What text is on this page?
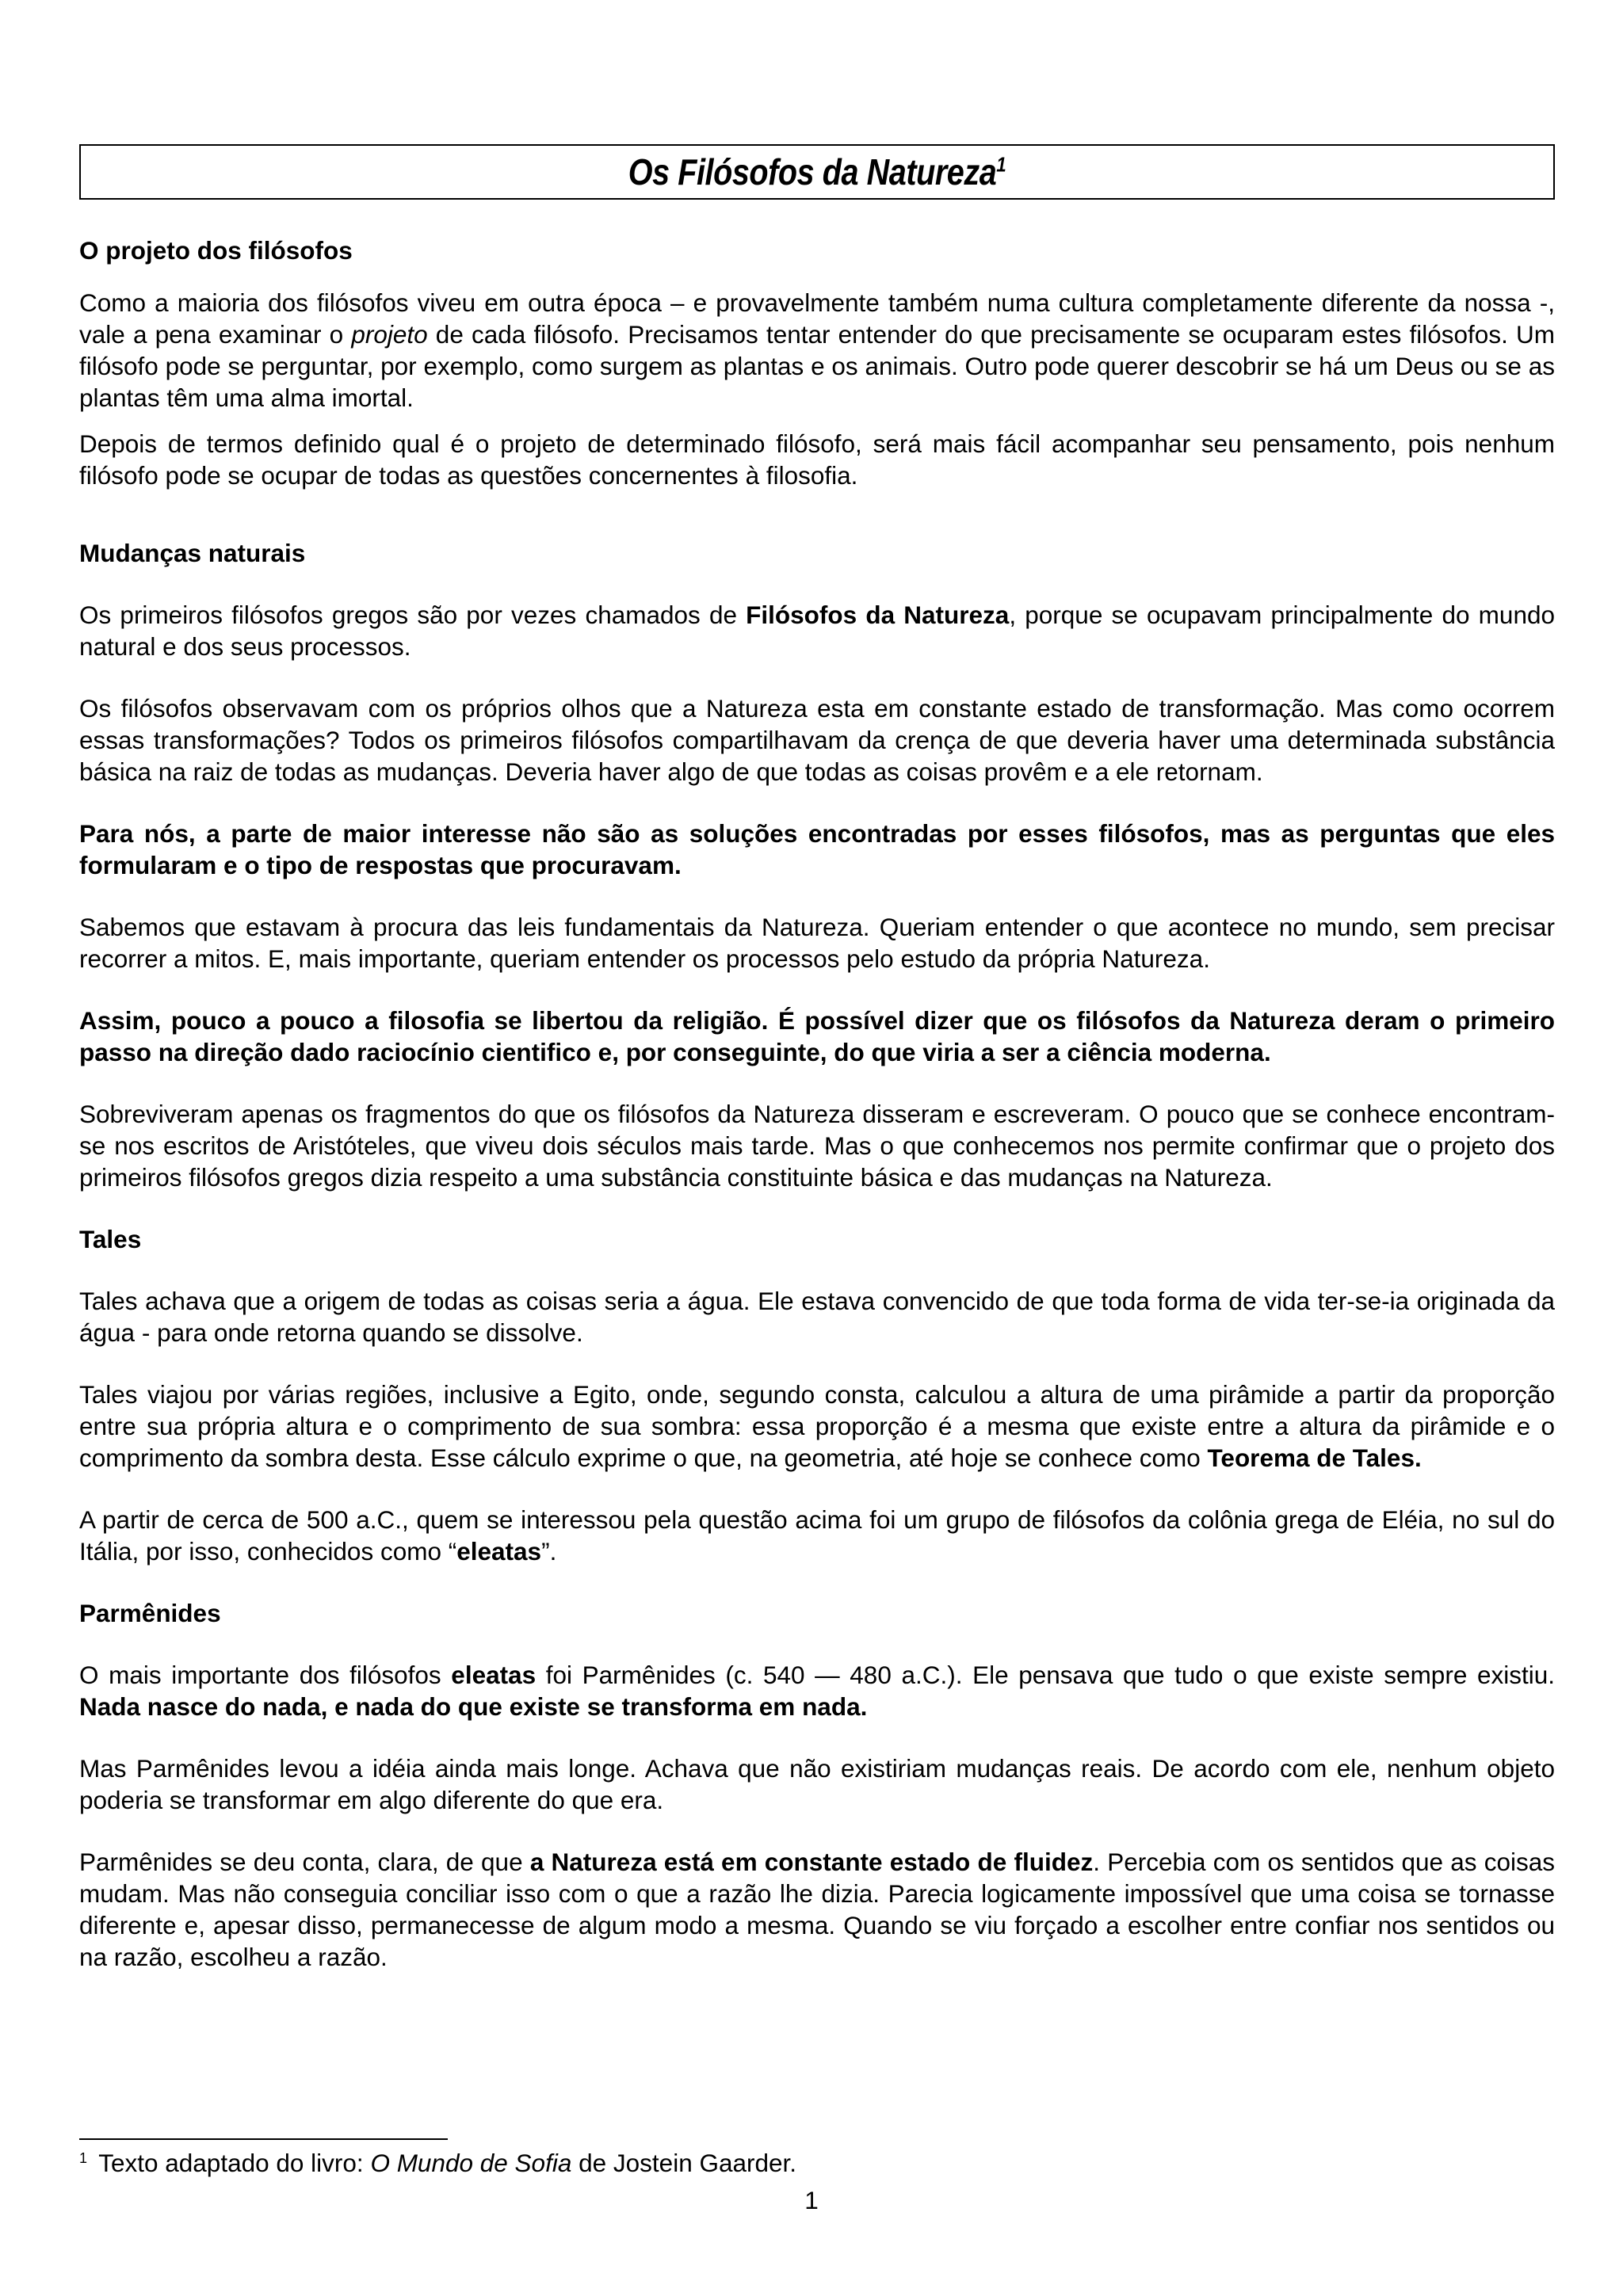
Os Filósofos da Natureza$^1$
O projeto dos filósofos

Como a maioria dos filósofos viveu em outra época – e provavelmente também numa cultura completamente diferente da nossa -, vale a pena examinar o projeto de cada filósofo. Precisamos tentar entender do que precisamente se ocuparam estes filósofos. Um filósofo pode se perguntar, por exemplo, como surgem as plantas e os animais. Outro pode querer descobrir se há um Deus ou se as plantas têm uma alma imortal.

Depois de termos definido qual é o projeto de determinado filósofo, será mais fácil acompanhar seu pensamento, pois nenhum filósofo pode se ocupar de todas as questões concernentes à filosofia.

Mudanças naturais

Os primeiros filósofos gregos são por vezes chamados de Filósofos da Natureza, porque se ocupavam principalmente do mundo natural e dos seus processos.

Os filósofos observavam com os próprios olhos que a Natureza esta em constante estado de transformação. Mas como ocorrem essas transformações? Todos os primeiros filósofos compartilhavam da crença de que deveria haver uma determinada substância básica na raiz de todas as mudanças. Deveria haver algo de que todas as coisas provêm e a ele retornam.

Para nós, a parte de maior interesse não são as soluções encontradas por esses filósofos, mas as perguntas que eles formularam e o tipo de respostas que procuravam.

Sabemos que estavam à procura das leis fundamentais da Natureza. Queriam entender o que acontece no mundo, sem precisar recorrer a mitos. E, mais importante, queriam entender os processos pelo estudo da própria Natureza.

Assim, pouco a pouco a filosofia se libertou da religião. É possível dizer que os filósofos da Natureza deram o primeiro passo na direção dado raciocínio cientifico e, por conseguinte, do que viria a ser a ciência moderna.

Sobreviveram apenas os fragmentos do que os filósofos da Natureza disseram e escreveram. O pouco que se conhece encontram-se nos escritos de Aristóteles, que viveu dois séculos mais tarde. Mas o que conhecemos nos permite confirmar que o projeto dos primeiros filósofos gregos dizia respeito a uma substância constituinte básica e das mudanças na Natureza.

Tales

Tales achava que a origem de todas as coisas seria a água. Ele estava convencido de que toda forma de vida ter-se-ia originada da água - para onde retorna quando se dissolve.

Tales viajou por várias regiões, inclusive a Egito, onde, segundo consta, calculou a altura de uma pirâmide a partir da proporção entre sua própria altura e o comprimento de sua sombra: essa proporção é a mesma que existe entre a altura da pirâmide e o comprimento da sombra desta. Esse cálculo exprime o que, na geometria, até hoje se conhece como Teorema de Tales.

A partir de cerca de 500 a.C., quem se interessou pela questão acima foi um grupo de filósofos da colônia grega de Eléia, no sul do Itália, por isso, conhecidos como “eleatas”.

Parmênides

O mais importante dos filósofos eleatas foi Parmênides (c. 540 — 480 a.C.). Ele pensava que tudo o que existe sempre existiu. Nada nasce do nada, e nada do que existe se transforma em nada.

Mas Parmênides levou a idéia ainda mais longe. Achava que não existiriam mudanças reais. De acordo com ele, nenhum objeto poderia se transformar em algo diferente do que era.

Parmênides se deu conta, clara, de que a Natureza está em constante estado de fluidez. Percebia com os sentidos que as coisas mudam. Mas não conseguia conciliar isso com o que a razão lhe dizia. Parecia logicamente impossível que uma coisa se tornasse diferente e, apesar disso, permanecesse de algum modo a mesma. Quando se viu forçado a escolher entre confiar nos sentidos ou na razão, escolheu a razão.

$^1$ Texto adaptado do livro: O Mundo de Sofia de Jostein Gaarder.
1
